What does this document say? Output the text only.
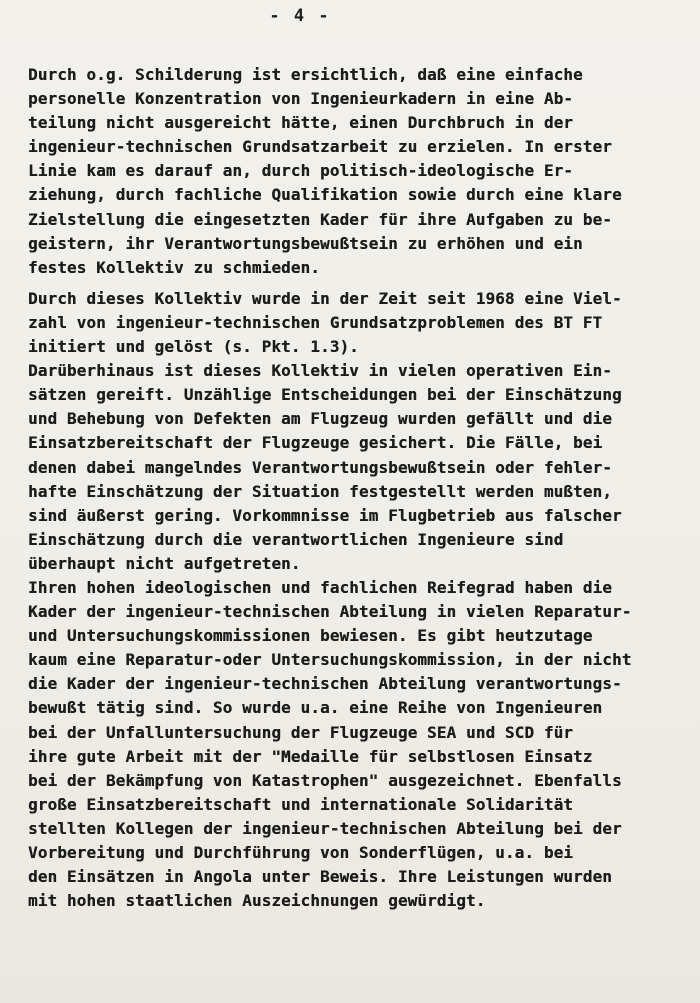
- 4 -
Durch o.g. Schilderung ist ersichtlich, daß eine einfache
personelle Konzentration von Ingenieurkadern in eine Ab-
teilung nicht ausgereicht hätte, einen Durchbruch in der
ingenieur-technischen Grundsatzarbeit zu erzielen. In erster
Linie kam es darauf an, durch politisch-ideologische Er-
ziehung, durch fachliche Qualifikation sowie durch eine klare
Zielstellung die eingesetzten Kader für ihre Aufgaben zu be-
geistern, ihr Verantwortungsbewußtsein zu erhöhen und ein
festes Kollektiv zu schmieden.
Durch dieses Kollektiv wurde in der Zeit seit 1968 eine Viel-
zahl von ingenieur-technischen Grundsatzproblemen des BT FT
initiert und gelöst (s. Pkt. 1.3).
Darüberhinaus ist dieses Kollektiv in vielen operativen Ein-
sätzen gereift. Unzählige Entscheidungen bei der Einschätzung
und Behebung von Defekten am Flugzeug wurden gefällt und die
Einsatzbereitschaft der Flugzeuge gesichert. Die Fälle, bei
denen dabei mangelndes Verantwortungsbewußtsein oder fehler-
hafte Einschätzung der Situation festgestellt werden mußten,
sind äußerst gering. Vorkommnisse im Flugbetrieb aus falscher
Einschätzung durch die verantwortlichen Ingenieure sind
überhaupt nicht aufgetreten.
Ihren hohen ideologischen und fachlichen Reifegrad haben die
Kader der ingenieur-technischen Abteilung in vielen Reparatur-
und Untersuchungskommissionen bewiesen. Es gibt heutzutage
kaum eine Reparatur-oder Untersuchungskommission, in der nicht
die Kader der ingenieur-technischen Abteilung verantwortungs-
bewußt tätig sind. So wurde u.a. eine Reihe von Ingenieuren
bei der Unfalluntersuchung der Flugzeuge SEA und SCD für
ihre gute Arbeit mit der "Medaille für selbstlosen Einsatz
bei der Bekämpfung von Katastrophen" ausgezeichnet. Ebenfalls
große Einsatzbereitschaft und internationale Solidarität
stellten Kollegen der ingenieur-technischen Abteilung bei der
Vorbereitung und Durchführung von Sonderflügen, u.a. bei
den Einsätzen in Angola unter Beweis. Ihre Leistungen wurden
mit hohen staatlichen Auszeichnungen gewürdigt.
